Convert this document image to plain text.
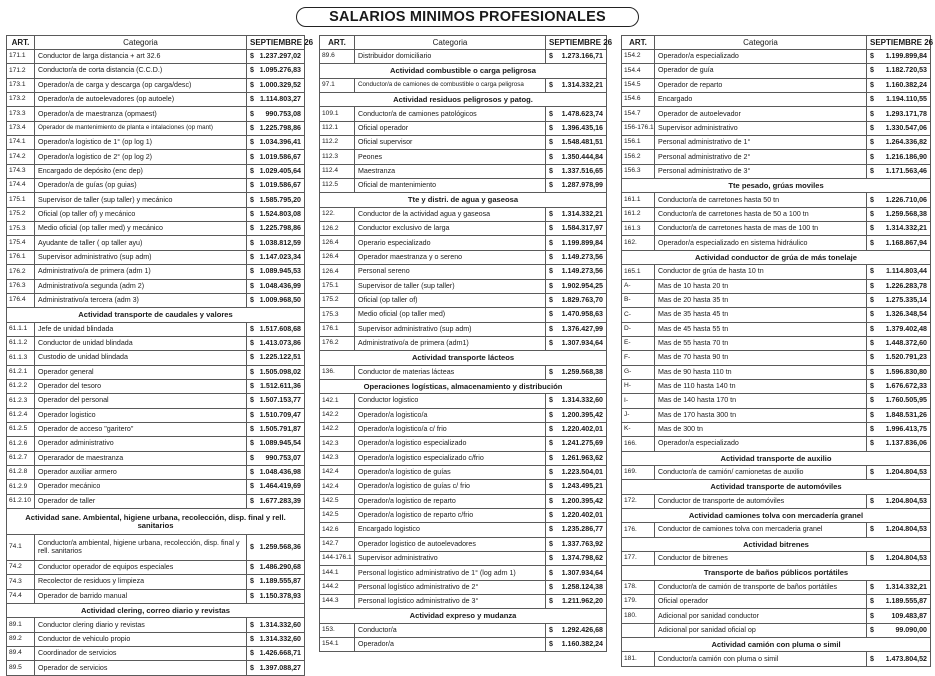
SALARIOS MINIMOS PROFESIONALES
ART.	Categoria	SEPTIEMBRE 26
171.1	Conductor de larga distancia + art 32.6	$ 1.237.297,02

171.2	Conductor/a de corta distancia (C.C.D.)	$ 1.095.276,83

173.1	Operador/a de carga y descarga (op carga/desc)	$ 1.000.329,52

173.2	Operador/a de autoelevadores (op autoele)	$ 1.114.803,27

173.3	Operador/a de maestranza (opmaest)	$ 990.753,08

173.4	Operador de mantenimiento de planta e intalaciones (op mant)	$ 1.225.798,86

174.1	Operador/a logistico de 1° (op log 1)	$ 1.034.396,41

174.2	Operador/a logistico de 2° (op log 2)	$ 1.019.586,67

174.3	Encargado de depósito (enc dep)	$ 1.029.405,64

174.4	Operador/a de guías (op guias)	$ 1.019.586,67

175.1	Supervisor de taller (sup taller) y mecánico	$ 1.585.795,20

175.2	Oficial (op taller of) y mecánico	$ 1.524.803,08

175.3	Medio oficial (op taller med) y mecánico	$ 1.225.798,86

175.4	Ayudante de taller ( op taller ayu)	$ 1.038.812,59

176.1	Supervisor administrativo (sup adm)	$ 1.147.023,34

176.2	Administrativo/a de primera (adm 1)	$ 1.089.945,53

176.3	Administrativo/a segunda (adm 2)	$ 1.048.436,99

176.4	Administrativo/a tercera (adm 3)	$ 1.009.968,50

Actividad transporte de caudales y valores		
61.1.1	Jefe de unidad blindada	$ 1.517.608,68

61.1.2	Conductor de unidad blindada	$ 1.413.073,86

61.1.3	Custodio de unidad blindada	$ 1.225.122,51

61.2.1	Operador general	$ 1.505.098,02

61.2.2	Operador del tesoro	$ 1.512.611,36

61.2.3	Operador del personal	$ 1.507.153,77

61.2.4	Operador logistico	$ 1.510.709,47

61.2.5	Operador de acceso "garitero"	$ 1.505.791,87

61.2.6	Operador administrativo	$ 1.089.945,54

61.2.7	Operarador de maestranza	$ 990.753,07

61.2.8	Operador auxiliar armero	$ 1.048.436,98

61.2.9	Operador mecánico	$ 1.464.419,69

61.2.10	Operador de taller	$ 1.677.283,39

Actividad sane. Ambiental, higiene urbana, recolección, disp. final y rell. sanitarios		
74.1	Conductor/a ambiental, higiene urbana, recolección, disp. final y rell. sanitarios	$ 1.259.568,36

74.2	Conductor operador de equipos especiales	$ 1.486.290,68

74.3	Recolector de residuos y limpieza	$ 1.189.555,87

74.4	Operador de barrido manual	$ 1.150.378,93

Actividad clering, correo diario y revistas		
89.1	Conductor clering diario y revistas	$ 1.314.332,60

89.2	Conductor de vehiculo propio	$ 1.314.332,60

89.4	Coordinador de servicios	$ 1.426.668,71

89.5	Operador de servicios	$ 1.397.088,27
ART.	Categoria	SEPTIEMBRE 26
89.6	Distribuidor domiciliario	$ 1.273.166,71

Actividad combustible o carga peligrosa		
97.1	Conductor/a de camiones de combustible o carga peligrosa	$ 1.314.332,21

Actividad residuos peligrosos y patog.		
109.1	Conductor/a de camiones patológicos	$ 1.478.623,74

112.1	Oficial operador	$ 1.396.435,16

112.2	Oficial supervisor	$ 1.548.481,51

112.3	Peones	$ 1.350.444,84

112.4	Maestranza	$ 1.337.516,65

112.5	Oficial de mantenimiento	$ 1.287.978,99

Tte y distri. de agua y gaseosa		
122.	Conductor de la actividad agua y gaseosa	$ 1.314.332,21

126.2	Conductor exclusivo de larga	$ 1.584.317,97

126.4	Operario especializado	$ 1.199.899,84

126.4	Operador maestranza y o sereno	$ 1.149.273,56

126.4	Personal sereno	$ 1.149.273,56

175.1	Supervisor de taller (sup taller)	$ 1.902.954,25

175.2	Oficial (op taller of)	$ 1.829.763,70

175.3	Medio oficial (op taller med)	$ 1.470.958,63

176.1	Supervisor administrativo (sup adm)	$ 1.376.427,99

176.2	Administrativo/a de primera (adm1)	$ 1.307.934,64

Actividad transporte lácteos		
136.	Conductor de materias lácteas	$ 1.259.568,38

Operaciones logísticas, almacenamiento y distribución		
142.1	Conductor logistico	$ 1.314.332,60

142.2	Operador/a logistico/a	$ 1.200.395,42

142.2	Operador/a logistico/a c/ frio	$ 1.220.402,01

142.3	Operador/a logistico especializado	$ 1.241.275,69

142.3	Operador/a logistico especializado c/frio	$ 1.261.963,62

142.4	Operador/a logistico de guías	$ 1.223.504,01

142.4	Operador/a logistico de guías c/ frio	$ 1.243.495,21

142.5	Operador/a logistico de reparto	$ 1.200.395,42

142.5	Operador/a logistico de reparto c/frio	$ 1.220.402,01

142.6	Encargado logistico	$ 1.235.286,77

142.7	Operador logistico de autoelevadores	$ 1.337.763,92

144-176.1	Supervisor administrativo	$ 1.374.798,62

144.1	Personal logistico administrativo de 1° (log adm 1)	$ 1.307.934,64

144.2	Personal logístico administrativo de 2°	$ 1.258.124,38

144.3	Personal logístico administrativo de 3°	$ 1.211.962,20

Actividad expreso y mudanza		
153.	Conductor/a	$ 1.292.426,68

154.1	Operador/a	$ 1.160.382,24
ART.	Categoria	SEPTIEMBRE 26
154.2	Operador/a especializado	$ 1.199.899,84

154.4	Operador de guía	$ 1.182.720,53

154.5	Operador de reparto	$ 1.160.382,24

154.6	Encargado	$ 1.194.110,55

154.7	Operador de autoelevador	$ 1.293.171,78

156-176.1	Supervisor administrativo	$ 1.330.547,06

156.1	Personal administrativo de 1°	$ 1.264.336,82

156.2	Personal administrativo de 2°	$ 1.216.186,90

156.3	Personal administrativo de 3°	$ 1.171.563,46

Tte pesado, grúas moviles		
161.1	Conductor/a de carretones hasta 50 tn	$ 1.226.710,06

161.2	Conductor/a de carretones hasta de 50 a 100 tn	$ 1.259.568,38

161.3	Conductor/a de carretones hasta de mas de 100 tn	$ 1.314.332,21

162.	Operador/a especializado en sistema hidráulico	$ 1.168.867,94

Actividad conductor de grúa de más tonelaje		
165.1	Conductor de grúa de hasta 10 tn	$ 1.114.803,44

A-	Mas de 10 hasta 20 tn	$ 1.226.283,78

B-	Mas de 20 hasta 35 tn	$ 1.275.335,14

C-	Mas de 35 hasta 45 tn	$ 1.326.348,54

D-	Mas de 45 hasta 55 tn	$ 1.379.402,48

E-	Mas de 55 hasta 70 tn	$ 1.448.372,60

F-	Mas de 70 hasta 90 tn	$ 1.520.791,23

G-	Mas de 90 hasta 110 tn	$ 1.596.830,80

H-	Mas de 110 hasta 140 tn	$ 1.676.672,33

I-	Mas de 140 hasta 170 tn	$ 1.760.505,95

J-	Mas de 170 hasta 300 tn	$ 1.848.531,26

K-	Mas de 300 tn	$ 1.996.413,75

166.	Operador/a especializado	$ 1.137.836,06

Actividad transporte de auxilio		
169.	Conductor/a de camión/ camionetas de auxilio	$ 1.204.804,53

Actividad transporte de automóviles		
172.	Conductor de transporte de automóviles	$ 1.204.804,53

Actividad camiones tolva con mercadería granel		
176.	Conductor de camiones tolva con mercaderia granel	$ 1.204.804,53

Actividad bitrenes		
177.	Conductor de bitrenes	$ 1.204.804,53

Transporte de baños públicos portátiles		
178.	Conductor/a de camión de transporte de baños portátiles	$ 1.314.332,21

179.	Oficial operador	$ 1.189.555,87

180.	Adicional por sanidad conductor	$ 109.483,87

	Adicional por sanidad oficial op	$ 99.090,00

Actividad camión con pluma o simil		
181.	Conductor/a camión con pluma o simil	$ 1.473.804,52
